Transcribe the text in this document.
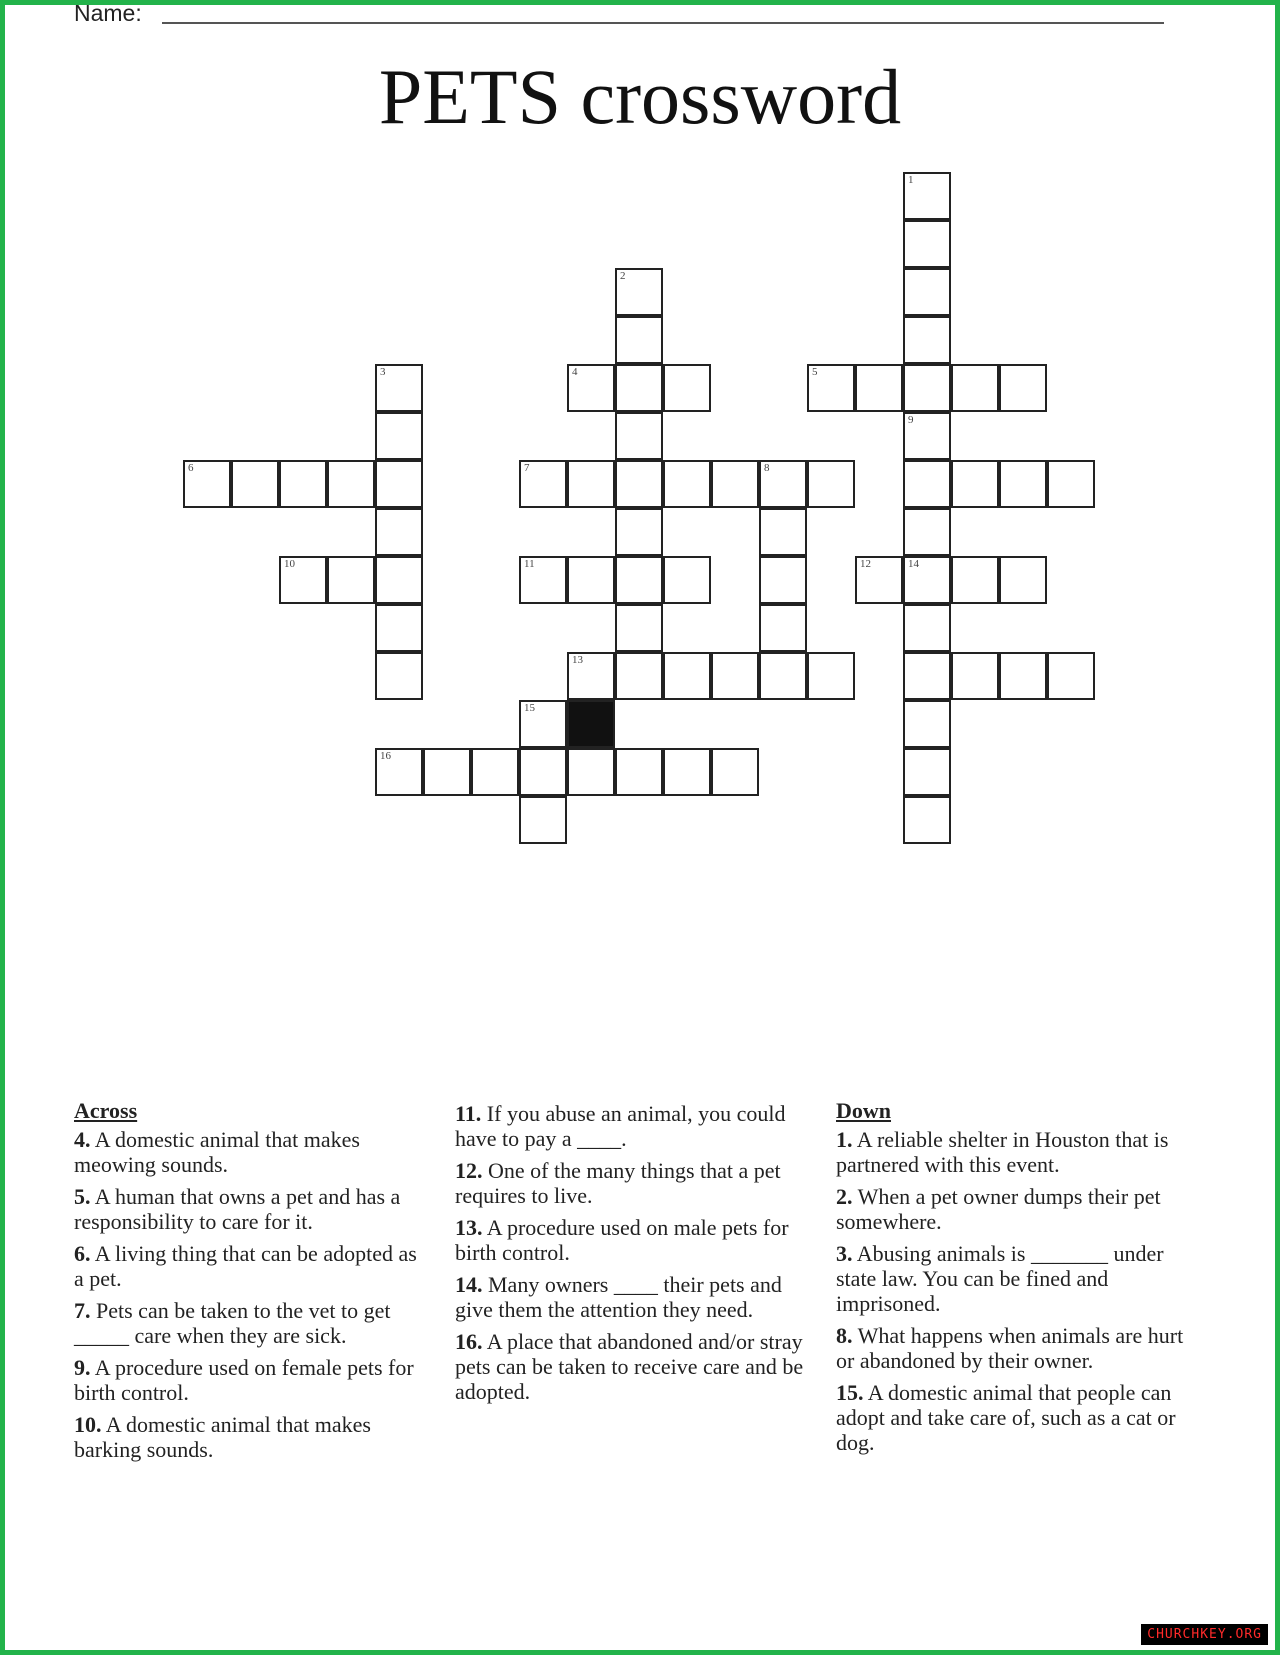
Name:
PETS crossword
1
9
14
2
3	4	5
6	7	8
10	11	12
13
15
16
Across
4. A domestic animal that makes meowing sounds.
5. A human that owns a pet and has a responsibility to care for it.
6. A living thing that can be adopted as a pet.
7. Pets can be taken to the vet to get _____ care when they are sick.
9. A procedure used on female pets for birth control.
10. A domestic animal that makes barking sounds.
11. If you abuse an animal, you could have to pay a ____.
12. One of the many things that a pet requires to live.
13. A procedure used on male pets for birth control.
14. Many owners ____ their pets and give them the attention they need.
16. A place that abandoned and/or stray pets can be taken to receive care and be adopted.
Down
1. A reliable shelter in Houston that is partnered with this event.
2. When a pet owner dumps their pet somewhere.
3. Abusing animals is _______ under state law. You can be fined and imprisoned.
8. What happens when animals are hurt or abandoned by their owner.
15. A domestic animal that people can adopt and take care of, such as a cat or dog.
CHURCHKEY.ORG
